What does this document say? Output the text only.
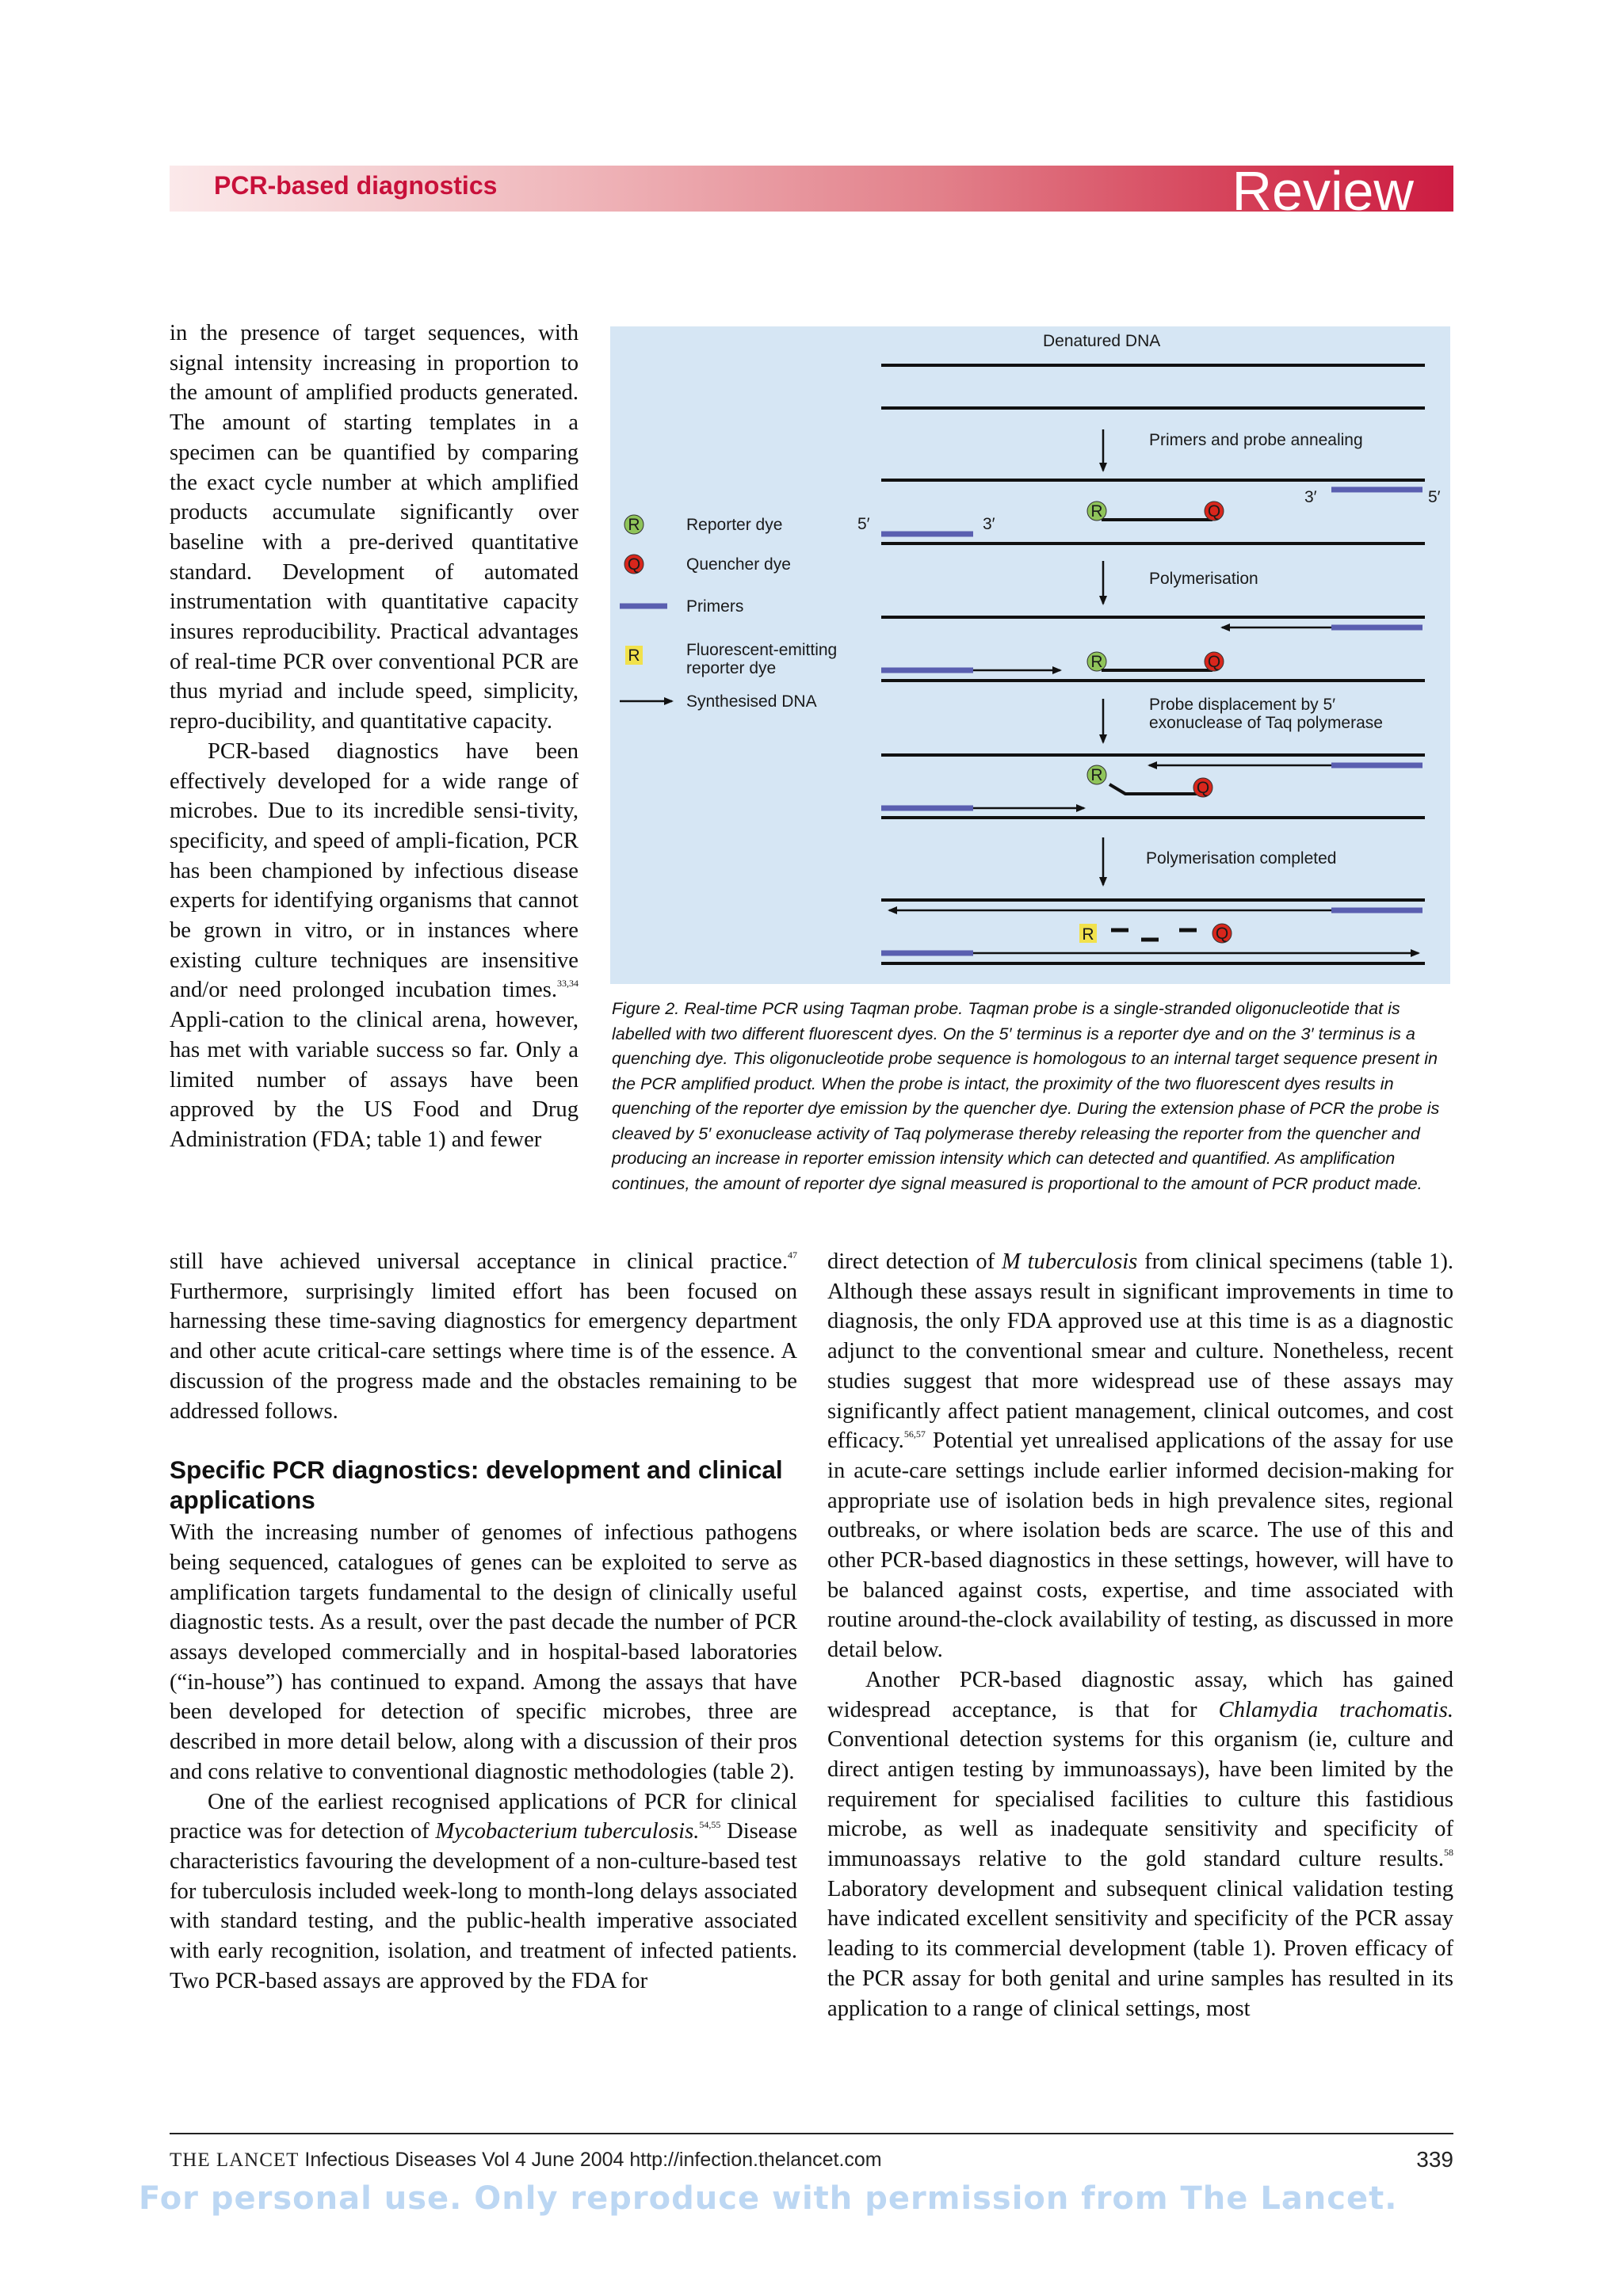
PCR-based diagnostics	Review

in the presence of target sequences, with signal intensity increasing in proportion to the amount of amplified products generated. The amount of starting templates in a specimen can be quantified by comparing the exact cycle number at which amplified products accumulate significantly over baseline with a pre-derived quantitative standard. Development of automated instrumentation with quantitative capacity insures reproducibility. Practical advantages of real-time PCR over conventional PCR are thus myriad and include speed, simplicity, repro-ducibility, and quantitative capacity.

PCR-based diagnostics have been effectively developed for a wide range of microbes. Due to its incredible sensi-tivity, specificity, and speed of ampli-fication, PCR has been championed by infectious disease experts for identifying organisms that cannot be grown in vitro, or in instances where existing culture techniques are insensitive and/or need prolonged incubation times.$^{33,34}$ Appli-cation to the clinical arena, however, has met with variable success so far. Only a limited number of assays have been approved by the US Food and Drug Administration (FDA; table 1) and fewer

Denatured DNA
Primers and probe annealing
3′	5′
5′	3′
R	Q
Polymerisation
R	Q
Probe displacement by 5′
exonuclease of Taq polymerase
R
Q
Polymerisation completed
R	Q
R	Reporter dye
Q	Quencher dye
Primers
R	Fluorescent-emitting
reporter dye
Synthesised DNA

Figure 2. Real-time PCR using Taqman probe. Taqman probe is a single-stranded oligonucleotide that is labelled with two different fluorescent dyes. On the 5′ terminus is a reporter dye and on the 3′ terminus is a quenching dye. This oligonucleotide probe sequence is homologous to an internal target sequence present in the PCR amplified product. When the probe is intact, the proximity of the two fluorescent dyes results in quenching of the reporter dye emission by the quencher dye. During the extension phase of PCR the probe is cleaved by 5′ exonuclease activity of Taq polymerase thereby releasing the reporter from the quencher and producing an increase in reporter emission intensity which can detected and quantified. As amplification continues, the amount of reporter dye signal measured is proportional to the amount of PCR product made.

still have achieved universal acceptance in clinical practice.$^{47}$ Furthermore, surprisingly limited effort has been focused on harnessing these time-saving diagnostics for emergency department and other acute critical-care settings where time is of the essence. A discussion of the progress made and the obstacles remaining to be addressed follows.

Specific PCR diagnostics: development and clinical applications

With the increasing number of genomes of infectious pathogens being sequenced, catalogues of genes can be exploited to serve as amplification targets fundamental to the design of clinically useful diagnostic tests. As a result, over the past decade the number of PCR assays developed commercially and in hospital-based laboratories (“in-house”) has continued to expand. Among the assays that have been developed for detection of specific microbes, three are described in more detail below, along with a discussion of their pros and cons relative to conventional diagnostic methodologies (table 2).

One of the earliest recognised applications of PCR for clinical practice was for detection of Mycobacterium tuberculosis.$^{54,55}$ Disease characteristics favouring the development of a non-culture-based test for tuberculosis included week-long to month-long delays associated with standard testing, and the public-health imperative associated with early recognition, isolation, and treatment of infected patients. Two PCR-based assays are approved by the FDA for

direct detection of M tuberculosis from clinical specimens (table 1). Although these assays result in significant improvements in time to diagnosis, the only FDA approved use at this time is as a diagnostic adjunct to the conventional smear and culture. Nonetheless, recent studies suggest that more widespread use of these assays may significantly affect patient management, clinical outcomes, and cost efficacy.$^{56,57}$ Potential yet unrealised applications of the assay for use in acute-care settings include earlier informed decision-making for appropriate use of isolation beds in high prevalence sites, regional outbreaks, or where isolation beds are scarce. The use of this and other PCR-based diagnostics in these settings, however, will have to be balanced against costs, expertise, and time associated with routine around-the-clock availability of testing, as discussed in more detail below.

Another PCR-based diagnostic assay, which has gained widespread acceptance, is that for Chlamydia trachomatis. Conventional detection systems for this organism (ie, culture and direct antigen testing by immunoassays), have been limited by the requirement for specialised facilities to culture this fastidious microbe, as well as inadequate sensitivity and specificity of immunoassays relative to the gold standard culture results.$^{58}$ Laboratory development and subsequent clinical validation testing have indicated excellent sensitivity and specificity of the PCR assay leading to its commercial development (table 1). Proven efficacy of the PCR assay for both genital and urine samples has resulted in its application to a range of clinical settings, most

THE LANCET Infectious Diseases Vol 4 June 2004 http://infection.thelancet.com	339
For personal use. Only reproduce with permission from The Lancet.
